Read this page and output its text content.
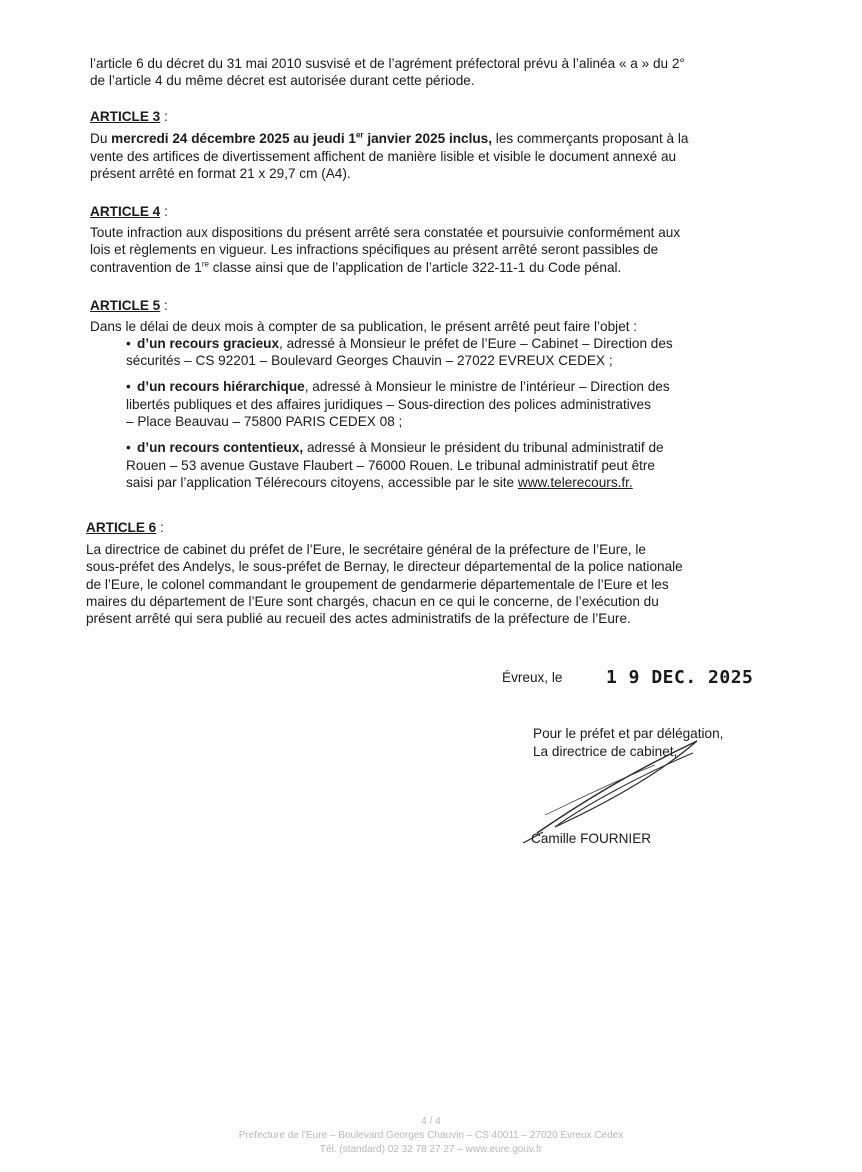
l’article 6 du décret du 31 mai 2010 susvisé et de l’agrément préfectoral prévu à l’alinéa « a » du 2°
de l’article 4 du même décret est autorisée durant cette période.
ARTICLE 3 :
Du mercredi 24 décembre 2025 au jeudi 1er janvier 2025 inclus, les commerçants proposant à la
vente des artifices de divertissement affichent de manière lisible et visible le document annexé au
présent arrêté en format 21 x 29,7 cm (A4).
ARTICLE 4 :
Toute infraction aux dispositions du présent arrêté sera constatée et poursuivie conformément aux
lois et règlements en vigueur. Les infractions spécifiques au présent arrêté seront passibles de
contravention de 1re classe ainsi que de l’application de l’article 322-11-1 du Code pénal.
ARTICLE 5 :
Dans le délai de deux mois à compter de sa publication, le présent arrêté peut faire l’objet :
• d’un recours gracieux, adressé à Monsieur le préfet de l’Eure – Cabinet – Direction des
sécurités – CS 92201 – Boulevard Georges Chauvin – 27022 EVREUX CEDEX ;
• d’un recours hiérarchique, adressé à Monsieur le ministre de l’intérieur – Direction des
libertés publiques et des affaires juridiques – Sous-direction des polices administratives
– Place Beauvau – 75800 PARIS CEDEX 08 ;
• d’un recours contentieux, adressé à Monsieur le président du tribunal administratif de
Rouen – 53 avenue Gustave Flaubert – 76000 Rouen. Le tribunal administratif peut être
saisi par l’application Télérecours citoyens, accessible par le site www.telerecours.fr.
ARTICLE 6 :
La directrice de cabinet du préfet de l’Eure, le secrétaire général de la préfecture de l’Eure, le
sous-préfet des Andelys, le sous-préfet de Bernay, le directeur départemental de la police nationale
de l’Eure, le colonel commandant le groupement de gendarmerie départementale de l’Eure et les
maires du département de l’Eure sont chargés, chacun en ce qui le concerne, de l’exécution du
présent arrêté qui sera publié au recueil des actes administratifs de la préfecture de l’Eure.
Évreux, le 1 9 DEC. 2025
Pour le préfet et par délégation,
La directrice de cabinet,
Camille FOURNIER
4 / 4
Prefecture de l’Eure – Boulevard Georges Chauvin – CS 40011 – 27020 Evreux Cedex
Tél. (standard) 02 32 78 27 27 – www.eure.gouv.fr
